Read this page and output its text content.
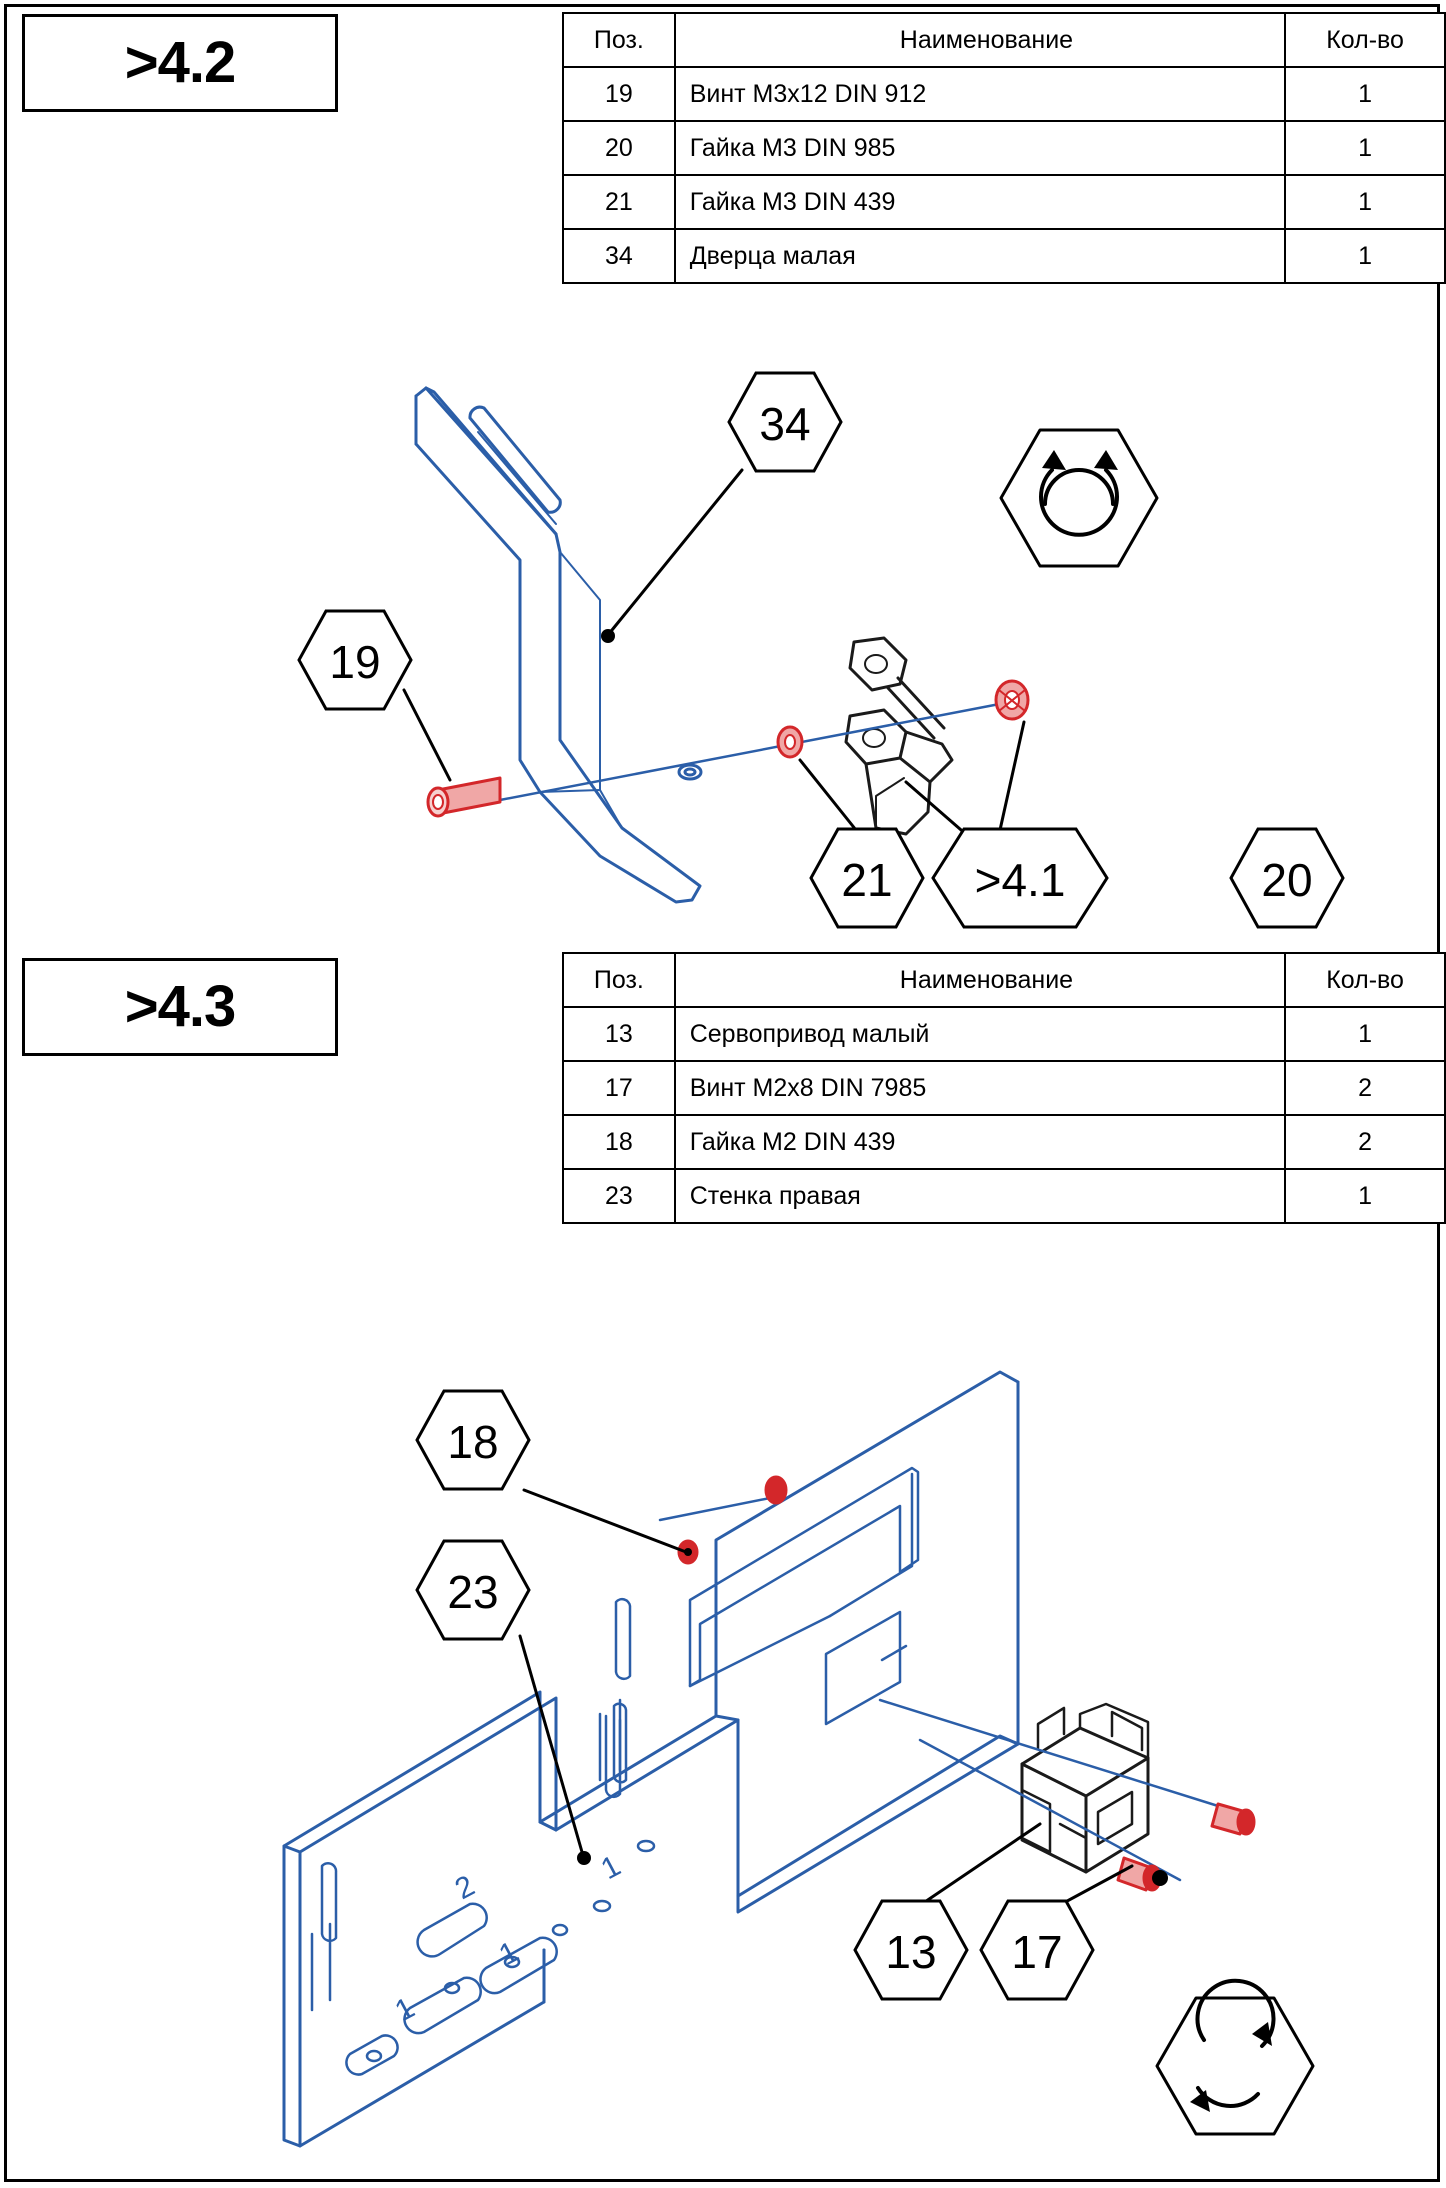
>4.2	Поз.	Наименование	Кол-во
19	Винт M3x12 DIN 912	1
20	Гайка M3 DIN 985	1
21	Гайка M3 DIN 439	1
34	Дверца малая	1
>4.3	Поз.	Наименование	Кол-во
13	Сервопривод малый	1
17	Винт M2x8 DIN 7985	2
18	Гайка M2 DIN 439	2
23	Стенка правая	1
2
1
1
1
34
19
21 >4.1	20
18
23
13 17
